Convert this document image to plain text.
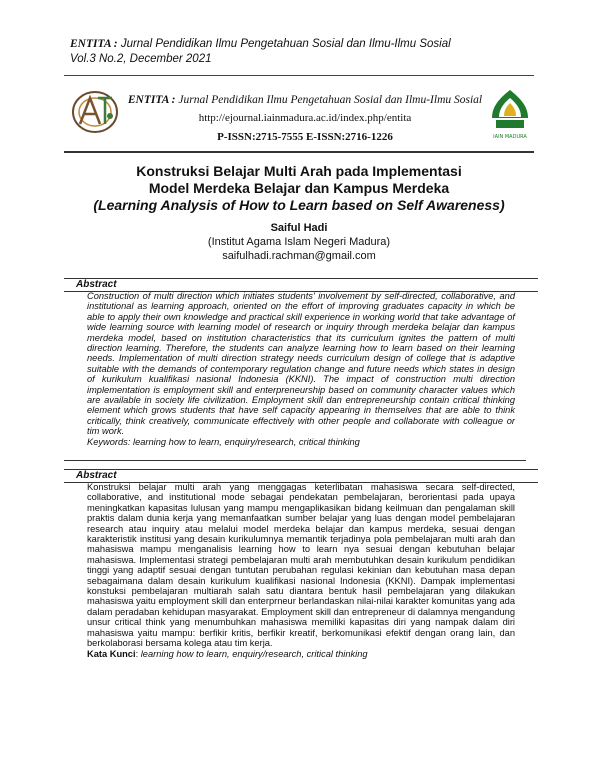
ENTITA : Jurnal Pendidikan Ilmu Pengetahuan Sosial dan Ilmu-Ilmu Sosial
Vol.3 No.2, December 2021
ENTITA : Jurnal Pendidikan Ilmu Pengetahuan Sosial dan Ilmu-Ilmu Sosial
http://ejournal.iainmadura.ac.id/index.php/entita
P-ISSN:2715-7555 E-ISSN:2716-1226	IAIN MADURA
Konstruksi Belajar Multi Arah pada Implementasi
Model Merdeka Belajar dan Kampus Merdeka
(Learning Analysis of How to Learn based on Self Awareness)
Saiful Hadi
(Institut Agama Islam Negeri Madura)
saifulhadi.rachman@gmail.com
Abstract

Construction of multi direction which initiates students' involvement by self-directed, collaborative, and institutional as learning approach, oriented on the effort of improving graduates capacity in which be able to apply their own knowledge and practical skill experience in working world that take advantage of wide learning source with learning model of research or inquiry through merdeka belajar dan kampus merdeka model, based on institution characteristics that its curriculum ignites the pattern of multi direction learning. Therefore, the students can analyze learning how to learn based on their learning needs. Implementation of multi direction strategy needs curriculum design of college that is adaptive suitable with the demands of contemporary regulation change and future needs which states in design of kurikulum kualifikasi nasional Indonesia (KKNI). The impact of construction multi direction implementation is employment skill and enterpreneurship based on community character values which are available in society life civilization. Employment skill dan entrepreneurship contain critical thinking element which grows students that have self capacity appearing in themselves that are able to think critically, think creatively, communicate effectively with other people and collaborate with colleague or tim work.

Keywords: learning how to learn, enquiry/research, critical thinking

Abstract

Konstruksi belajar multi arah yang menggagas keterlibatan mahasiswa secara self-directed, collaborative, and institutional mode sebagai pendekatan pembelajaran, berorientasi pada upaya meningkatkan kapasitas lulusan yang mampu mengaplikasikan bidang keilmuan dan pengalaman skill praktis dalam dunia kerja yang memanfaatkan sumber belajar yang luas dengan model pembelajaran research atau inquiry atau melalui model merdeka belajar dan kampus merdeka, sesuai dengan karakteristik institusi yang desain kurikulumnya memantik terjadinya pola pembelajaran multi arah dan mahasiswa mampu menganalisis learning how to learn nya sesuai dengan kebutuhan belajar mahasiswa. Implementasi strategi pembelajaran multi arah membutuhkan desain kurikulum pendidikan tinggi yang adaptif sesuai dengan tuntutan perubahan regulasi kekinian dan kebutuhan masa depan sebagaimana dalam desain kurikulum kualifikasi nasional Indonesia (KKNI). Dampak implementasi konstuksi pembelajaran multiarah salah satu diantara bentuk hasil pembelajaran yang dilakukan mahasiswa yaitu employment skill dan enterprneur berlandaskan nilai-nilai karakter komunitas yang ada dalam peradaban kehidupan masyarakat. Employment skill dan entrepreneur di dalamnya mengandung unsur critical think yang menumbuhkan mahasiswa memiliki kapasitas diri yang nampak dalam diri mahasiswa yaitu mampu: berfikir kritis, berfikir kreatif, berkomunikasi efektif dengan orang lain, dan berkolaborasi bersama kolega atau tim kerja.

Kata Kunci: learning how to learn, enquiry/research, critical thinking
